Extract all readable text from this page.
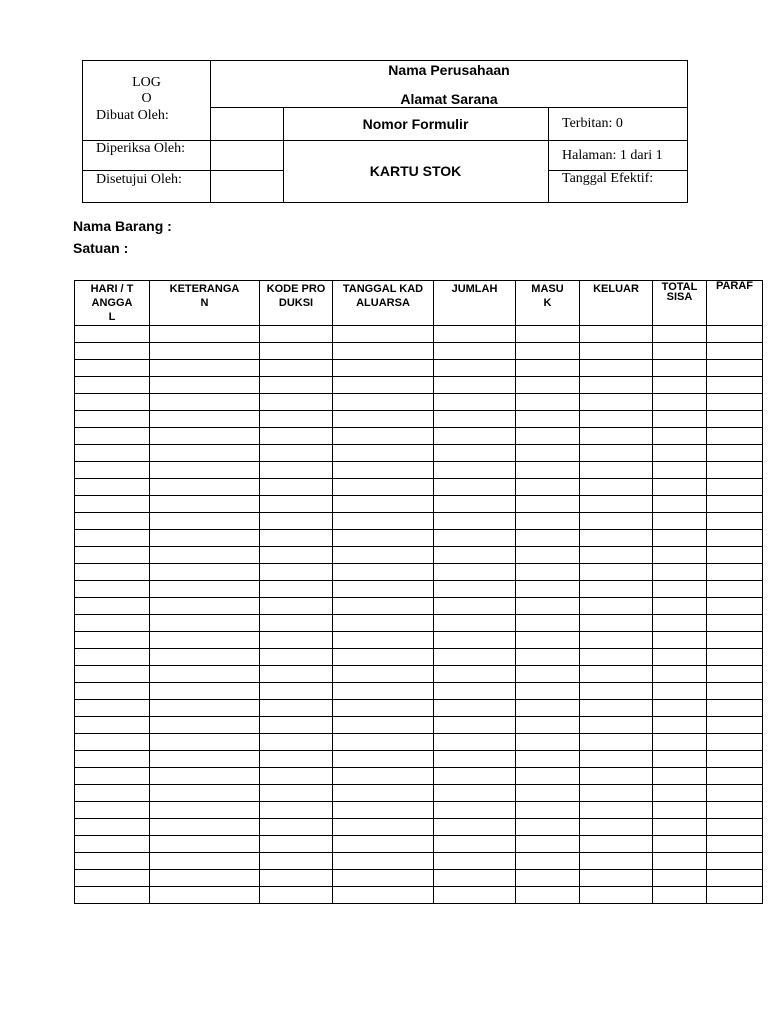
LOG
O
Nama Perusahaan
Alamat Sarana
Dibuat Oleh:
Diperiksa Oleh:
Disetujui Oleh:
Nomor Formulir
KARTU STOK
Terbitan: 0
Halaman: 1 dari 1
Tanggal Efektif:
Nama Barang :
Satuan :
HARI / TANGGAL	KETERANGAN	KODE PRODUKSI	TANGGAL KADALUARSA	JUMLAH	MASUK	KELUAR	TOTAL SISA	PARAF
